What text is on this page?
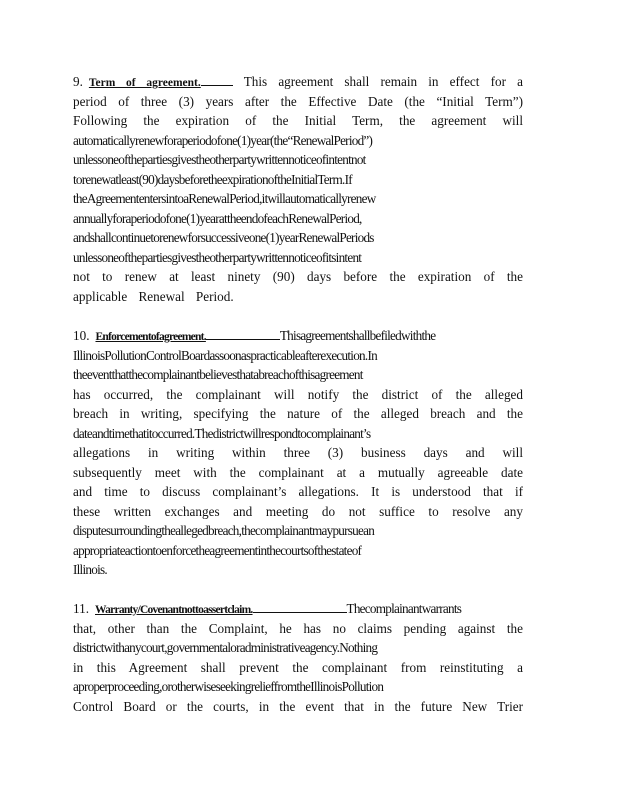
9. Term of agreement.	This agreement shall remain in effect for a
period of three (3) years after the Effective Date (the “Initial Term”)
Following the expiration of the Initial Term, the agreement will
automaticallyrenewforaperiodofone(1)year(the“RenewalPeriod”)
unlessoneofthepartiesgivestheotherpartywrittennoticeofintentnot
torenewatleast(90)daysbeforetheexpirationoftheInitialTerm.If
theAgreemententersintoaRenewalPeriod,itwillautomaticallyrenew
annuallyforaperiodofone(1)yearattheendofeachRenewalPeriod,
andshallcontinuetorenewforsuccessiveone(1)yearRenewalPeriods
unlessoneofthepartiesgivestheotherpartywrittennoticeofitsintent
not to renew at least ninety (90) days before the expiration of the
applicable Renewal Period.
10. Enforcementofagreement.	Thisagreementshallbefiledwiththe
IllinoisPollutionControlBoardassoonaspracticableafterexecution.In
theeventthatthecomplainantbelievesthatabreachofthisagreement
has occurred, the complainant will notify the district of the alleged
breach in writing, specifying the nature of the alleged breach and the
dateandtimethatitoccurred.Thedistrictwillrespondtocomplainant’s
allegations in writing within three (3) business days and will
subsequently meet with the complainant at a mutually agreeable date
and time to discuss complainant’s allegations. It is understood that if
these written exchanges and meeting do not suffice to resolve any
disputesurroundingtheallegedbreach,thecomplainantmaypursuean
appropriateactiontoenforcetheagreementinthecourtsofthestateof
Illinois.
11. Warranty/Covenantnottoassertclaim.	Thecomplainantwarrants
that, other than the Complaint, he has no claims pending against the
districtwithanycourt,governmentaloradministrativeagency.Nothing
in this Agreement shall prevent the complainant from reinstituting a
aproperproceeding,orotherwiseseekingrelieffromtheIllinoisPollution
Control Board or the courts, in the event that in the future New Trier
